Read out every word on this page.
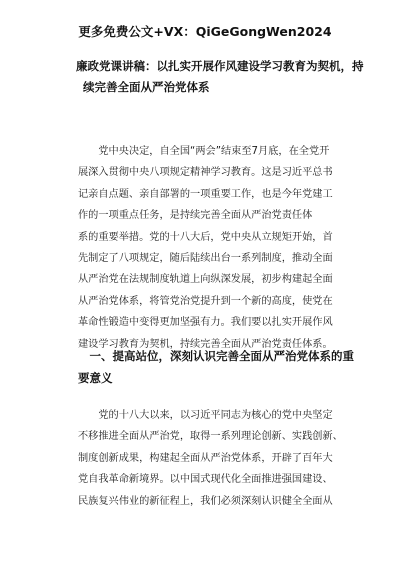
更多免费公文+VX：QiGeGongWen2024
廉政党课讲稿：以扎实开展作风建设学习教育为契机，持
续完善全面从严治党体系

　　党中央决定，自全国“两会”结束至7月底，在全党开
展深入贯彻中央八项规定精神学习教育。这是习近平总书
记亲自点题、亲自部署的一项重要工作，也是今年党建工
作的一项重点任务，是持续完善全面从严治党责任体
系的重要举措。党的十八大后，党中央从立规矩开始，首
先制定了八项规定，随后陆续出台一系列制度，推动全面
从严治党在法规制度轨道上向纵深发展，初步构建起全面
从严治党体系，将管党治党提升到一个新的高度，使党在
革命性锻造中变得更加坚强有力。我们要以扎实开展作风
建设学习教育为契机，持续完善全面从严治党责任体系。

　一、提高站位，深刻认识完善全面从严治党体系的重
要意义

　　党的十八大以来，以习近平同志为核心的党中央坚定
不移推进全面从严治党，取得一系列理论创新、实践创新、
制度创新成果，构建起全面从严治党体系，开辟了百年大
党自我革命新境界。以中国式现代化全面推进强国建设、
民族复兴伟业的新征程上，我们必须深刻认识健全全面从
